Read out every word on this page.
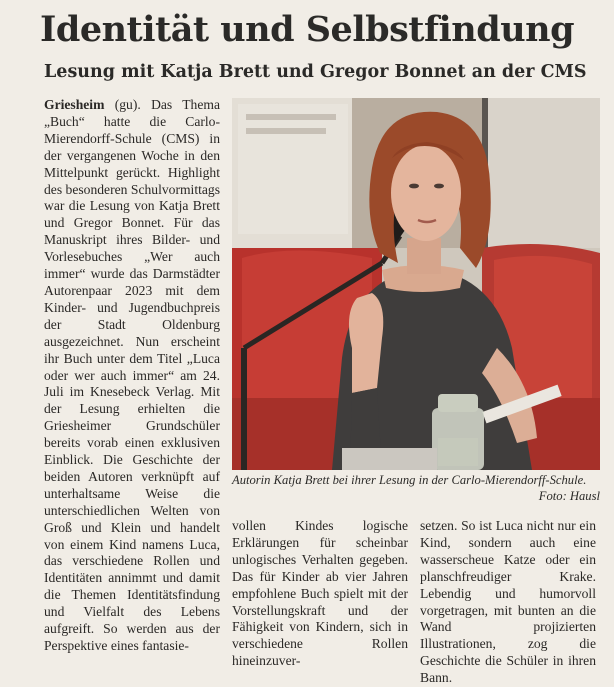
Identität und Selbstfindung
Lesung mit Katja Brett und Gregor Bonnet an der CMS
Griesheim (gu). Das Thema „Buch“ hatte die Carlo-Mierendorff-Schule (CMS) in der vergangenen Woche in den Mittelpunkt gerückt. Highlight des besonderen Schulvormittags war die Lesung von Katja Brett und Gregor Bonnet. Für das Manuskript ihres Bilder- und Vorlesebuches „Wer auch immer“ wurde das Darmstädter Autorenpaar 2023 mit dem Kinder- und Jugendbuchpreis der Stadt Oldenburg ausgezeichnet. Nun erscheint ihr Buch unter dem Titel „Luca oder wer auch immer“ am 24. Juli im Knesebeck Verlag. Mit der Lesung erhielten die Griesheimer Grundschüler bereits vorab einen exklusiven Einblick. Die Geschichte der beiden Autoren verknüpft auf unterhaltsame Weise die unterschiedlichen Welten von Groß und Klein und handelt von einem Kind namens Luca, das verschiedene Rollen und Identitäten annimmt und damit die Themen Identitätsfindung und Vielfalt des Lebens aufgreift. So werden aus der Perspektive eines fantasie-
Autorin Katja Brett bei ihrer Lesung in der Carlo-Mierendorff-Schule.
Foto: Hausl
vollen Kindes logische Erklärungen für scheinbar unlogisches Verhalten gegeben. Das für Kinder ab vier Jahren empfohlene Buch spielt mit der Vorstellungskraft und der Fähigkeit von Kindern, sich in verschiedene Rollen hineinzuver-
setzen. So ist Luca nicht nur ein Kind, sondern auch eine wasserscheue Katze oder ein planschfreudiger Krake. Lebendig und humorvoll vorgetragen, mit bunten an die Wand projizierten Illustrationen, zog die Geschichte die Schüler in ihren Bann.
